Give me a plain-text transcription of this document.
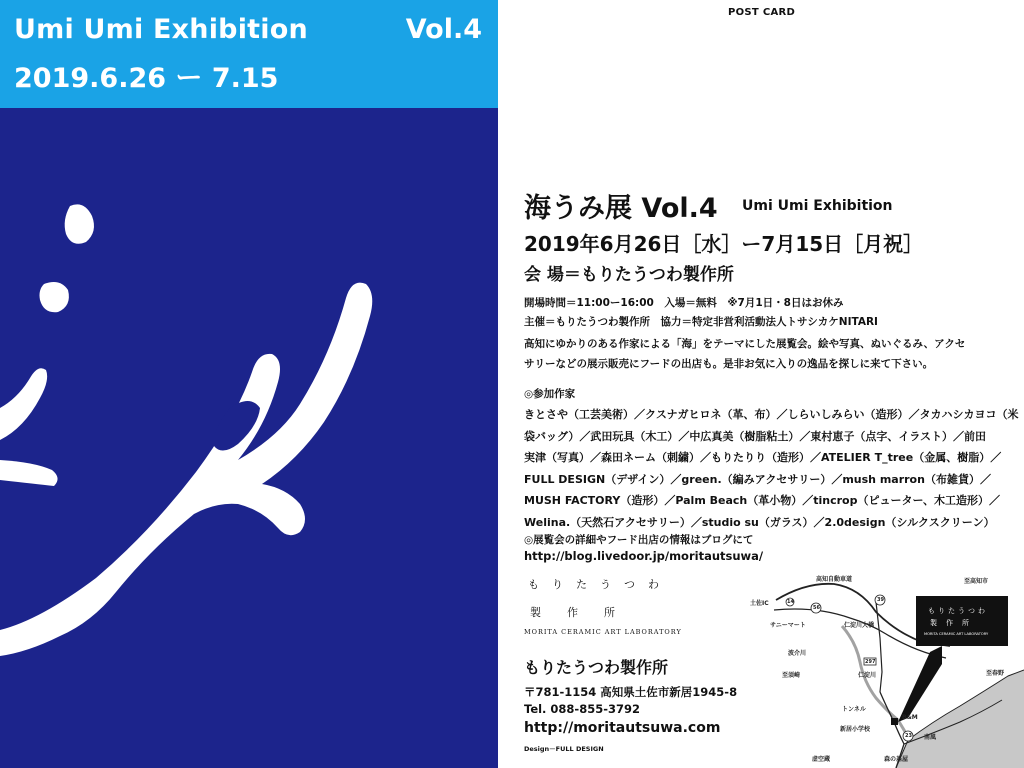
Umi Umi Exhibition	Vol.4
2019.6.26 ー 7.15
POST CARD
海うみ展 Vol.4 Umi Umi Exhibition
2019年6月26日［水］ー7月15日［月祝］
会 場＝もりたうつわ製作所
開場時間＝11:00ー16:00　入場＝無料　※7月1日・8日はお休み
主催＝もりたうつわ製作所　協力＝特定非営利活動法人トサシカケNITARI
高知にゆかりのある作家による「海」をテーマにした展覧会。絵や写真、ぬいぐるみ、アクセ
サリーなどの展示販売にフードの出店も。是非お気に入りの逸品を探しに来て下さい。
◎参加作家
きとさや（工芸美術）／クスナガヒロネ（革、布）／しらいしみらい（造形）／タカハシカヨコ（米
袋バッグ）／武田玩具（木工）／中広真美（樹脂粘土）／東村恵子（点字、イラスト）／前田
実津（写真）／森田ネーム（刺繍）／もりたりり（造形）／ATELIER T_tree（金属、樹脂）／
FULL DESIGN（デザイン）／green.（編みアクセサリー）／mush marron（布雑貨）／
MUSH FACTORY（造形）／Palm Beach（革小物）／tincrop（ピューター、木工造形）／
Welina.（天然石アクセサリー）／studio su（ガラス）／2.0design（シルクスクリーン）
◎展覧会の詳細やフード出店の情報はブログにて
http://blog.livedoor.jp/moritautsuwa/
もりたうつわ
製作所
MORITA CERAMIC ART LABORATORY
もりたうつわ製作所
〒781-1154 高知県土佐市新居1945-8
Tel. 088-855-3792
http://moritautsuwa.com
Design－FULL DESIGN
高知自動車道	至高知市
土佐IC
サニーマート	仁淀川大橋
波介川
至須崎	仁淀川
トンネル
新居小学校
B&M
南風
至春野
虚空蔵	森の基屋
56
39
297
23
14
もりたうつわ
製作所
MORITA CERAMIC ART LABORATORY
